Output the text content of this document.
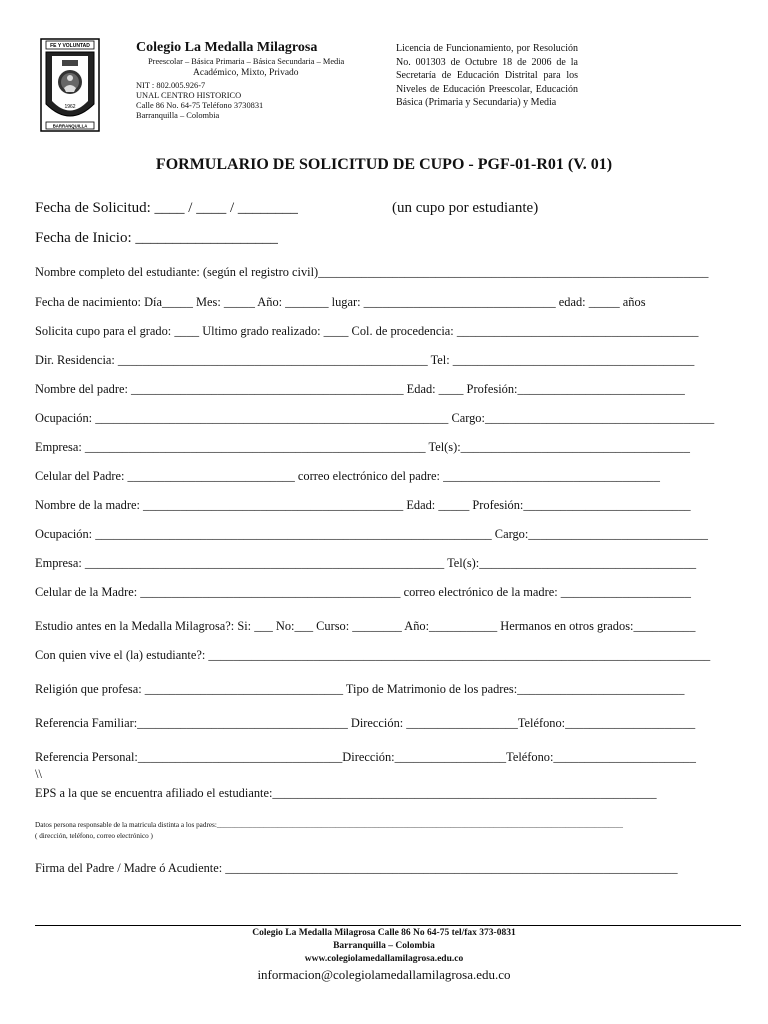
FE Y VOLUNTAD
1962
BARRANQUILLA
Colegio La Medalla Milagrosa
Preescolar – Básica Primaria – Básica Secundaria – Media
Académico, Mixto, Privado
NIT : 802.005.926-7
UNAL CENTRO HISTORICO
Calle 86 No. 64-75 Teléfono 3730831
Barranquilla – Colombia
Licencia de Funcionamiento, por Resolución No. 001303 de Octubre 18 de 2006 de la Secretaría de Educación Distrital para los Niveles de Educación Preescolar, Educación Básica (Primaria y Secundaria) y Media
FORMULARIO DE SOLICITUD DE CUPO - PGF-01-R01 (V. 01)
Fecha de Solicitud: ____ / ____ / ________	(un cupo por estudiante)
Fecha de Inicio: ___________________
Nombre completo del estudiante: (según el registro civil)_______________________________________________________________
Fecha de nacimiento: Día_____ Mes: _____ Año: _______ lugar: _______________________________ edad: _____ años
Solicita cupo para el grado: ____ Ultimo grado realizado: ____ Col. de procedencia: _______________________________________
Dir. Residencia: __________________________________________________ Tel: _______________________________________
Nombre del padre: ____________________________________________ Edad: ____ Profesión:___________________________
Ocupación: _________________________________________________________ Cargo:_____________________________________
Empresa: _______________________________________________________ Tel(s):_____________________________________
Celular del Padre: ___________________________ correo electrónico del padre: ___________________________________
Nombre de la madre: __________________________________________ Edad: _____ Profesión:___________________________
Ocupación: ________________________________________________________________ Cargo:_____________________________
Empresa: __________________________________________________________ Tel(s):___________________________________
Celular de la Madre: __________________________________________ correo electrónico de la madre: _____________________
Estudio antes en la Medalla Milagrosa?: Si: ___ No:___ Curso: ________ Año:___________ Hermanos en otros grados:__________
Con quien vive el (la) estudiante?: _________________________________________________________________________________
Religión que profesa: ________________________________ Tipo de Matrimonio de los padres:___________________________
Referencia Familiar:__________________________________ Dirección: __________________Teléfono:_____________________
Referencia Personal:_________________________________Dirección:__________________Teléfono:_______________________
\\
EPS a la que se encuentra afiliado el estudiante:______________________________________________________________
Datos persona responsable de la matricula distinta a los padres:_________________________________________________________________________________________________________________
( dirección, teléfono, correo electrónico )
Firma del Padre / Madre ó Acudiente: _________________________________________________________________________
Colegio La Medalla Milagrosa Calle 86 No 64-75 tel/fax 373-0831
Barranquilla – Colombia
www.colegiolamedallamilagrosa.edu.co
informacion@colegiolamedallamilagrosa.edu.co
